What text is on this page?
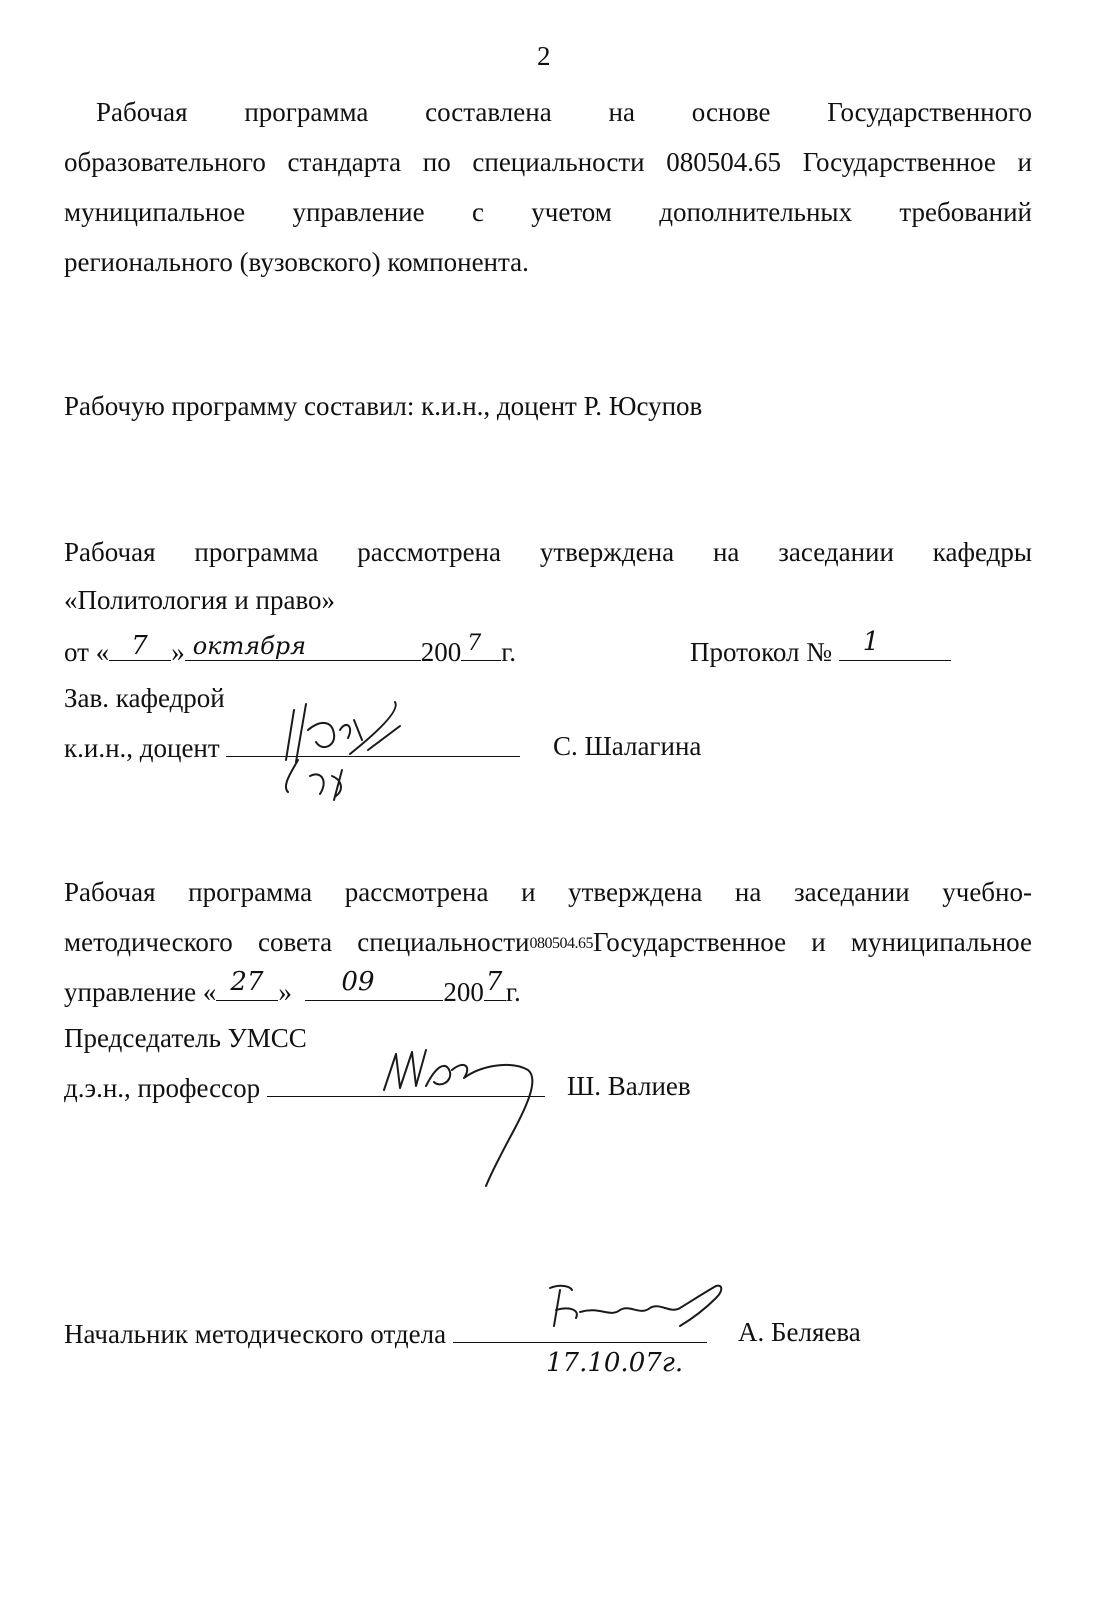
2
Рабочая программа составлена на основе Государственного
образовательного стандарта по специальности 080504.65 Государственное и
муниципальное управление с учетом дополнительных требований
регионального (вузовского) компонента.
Рабочую программу составил: к.и.н., доцент Р. Юсупов
Рабочая программа рассмотрена утверждена на заседании кафедры
«Политология и право»
от « 7 » октября	200 7 г.	Протокол № 1
Зав. кафедрой
к.и.н., доцент	С. Шалагина
Рабочая программа рассмотрена и утверждена на заседании учебно-
методического совета специальности080504.65Государственное и муниципальное
управление « 27 » 09	200 7 г.
Председатель УМСС
д.э.н., профессор	Ш. Валиев
Начальник методического отдела	А. Беляева
17.10.07г.
